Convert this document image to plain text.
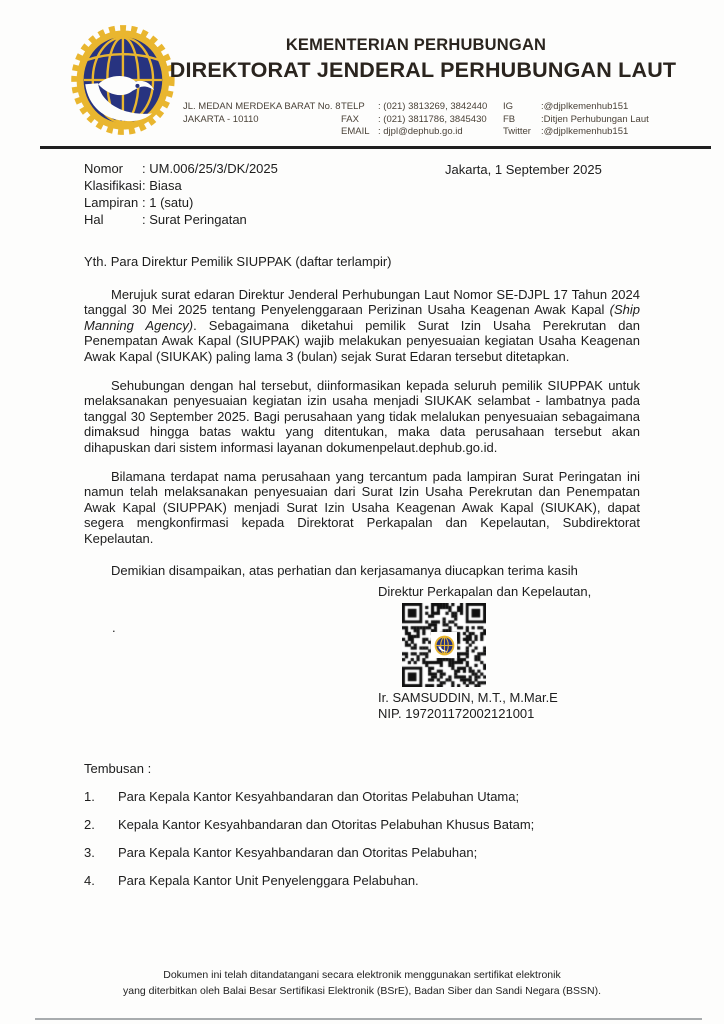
KEMENTERIAN PERHUBUNGAN
DIREKTORAT JENDERAL PERHUBUNGAN LAUT
JL. MEDAN MERDEKA BARAT No. 8
JAKARTA - 10110
TELP	: (021) 3813269, 3842440
FAX	: (021) 3811786, 3845430
EMAIL : djpl@dephub.go.id
IG	:@djplkemenhub151
FB	:Ditjen Perhubungan Laut
Twitter	:@djplkemenhub151
Nomor	: UM.006/25/3/DK/2025
Klasifikasi : Biasa
Lampiran : 1 (satu)
Hal	: Surat Peringatan
Jakarta, 1 September 2025
Yth. Para Direktur Pemilik SIUPPAK (daftar terlampir)

Merujuk surat edaran Direktur Jenderal Perhubungan Laut Nomor SE-DJPL 17 Tahun 2024 tanggal 30 Mei 2025 tentang Penyelenggaraan Perizinan Usaha Keagenan Awak Kapal (Ship Manning Agency). Sebagaimana diketahui pemilik Surat Izin Usaha Perekrutan dan Penempatan Awak Kapal (SIUPPAK) wajib melakukan penyesuaian kegiatan Usaha Keagenan Awak Kapal (SIUKAK) paling lama 3 (bulan) sejak Surat Edaran tersebut ditetapkan.

Sehubungan dengan hal tersebut, diinformasikan kepada seluruh pemilik SIUPPAK untuk melaksanakan penyesuaian kegiatan izin usaha menjadi SIUKAK selambat - lambatnya pada tanggal 30 September 2025. Bagi perusahaan yang tidak melalukan penyesuaian sebagaimana dimaksud hingga batas waktu yang ditentukan, maka data perusahaan tersebut akan dihapuskan dari sistem informasi layanan dokumenpelaut.dephub.go.id.

Bilamana terdapat nama perusahaan yang tercantum pada lampiran Surat Peringatan ini namun telah melaksanakan penyesuaian dari Surat Izin Usaha Perekrutan dan Penempatan Awak Kapal (SIUPPAK) menjadi Surat Izin Usaha Keagenan Awak Kapal (SIUKAK), dapat segera mengkonfirmasi kepada Direktorat Perkapalan dan Kepelautan, Subdirektorat Kepelautan.

Demikian disampaikan, atas perhatian dan kerjasamanya diucapkan terima kasih

.
Direktur Perkapalan dan Kepelautan,
Ir. SAMSUDDIN, M.T., M.Mar.E
NIP. 197201172002121001
Tembusan :
1.	Para Kepala Kantor Kesyahbandaran dan Otoritas Pelabuhan Utama;
2.	Kepala Kantor Kesyahbandaran dan Otoritas Pelabuhan Khusus Batam;
3.	Para Kepala Kantor Kesyahbandaran dan Otoritas Pelabuhan;
4.	Para Kepala Kantor Unit Penyelenggara Pelabuhan.
Dokumen ini telah ditandatangani secara elektronik menggunakan sertifikat elektronik
yang diterbitkan oleh Balai Besar Sertifikasi Elektronik (BSrE), Badan Siber dan Sandi Negara (BSSN).
